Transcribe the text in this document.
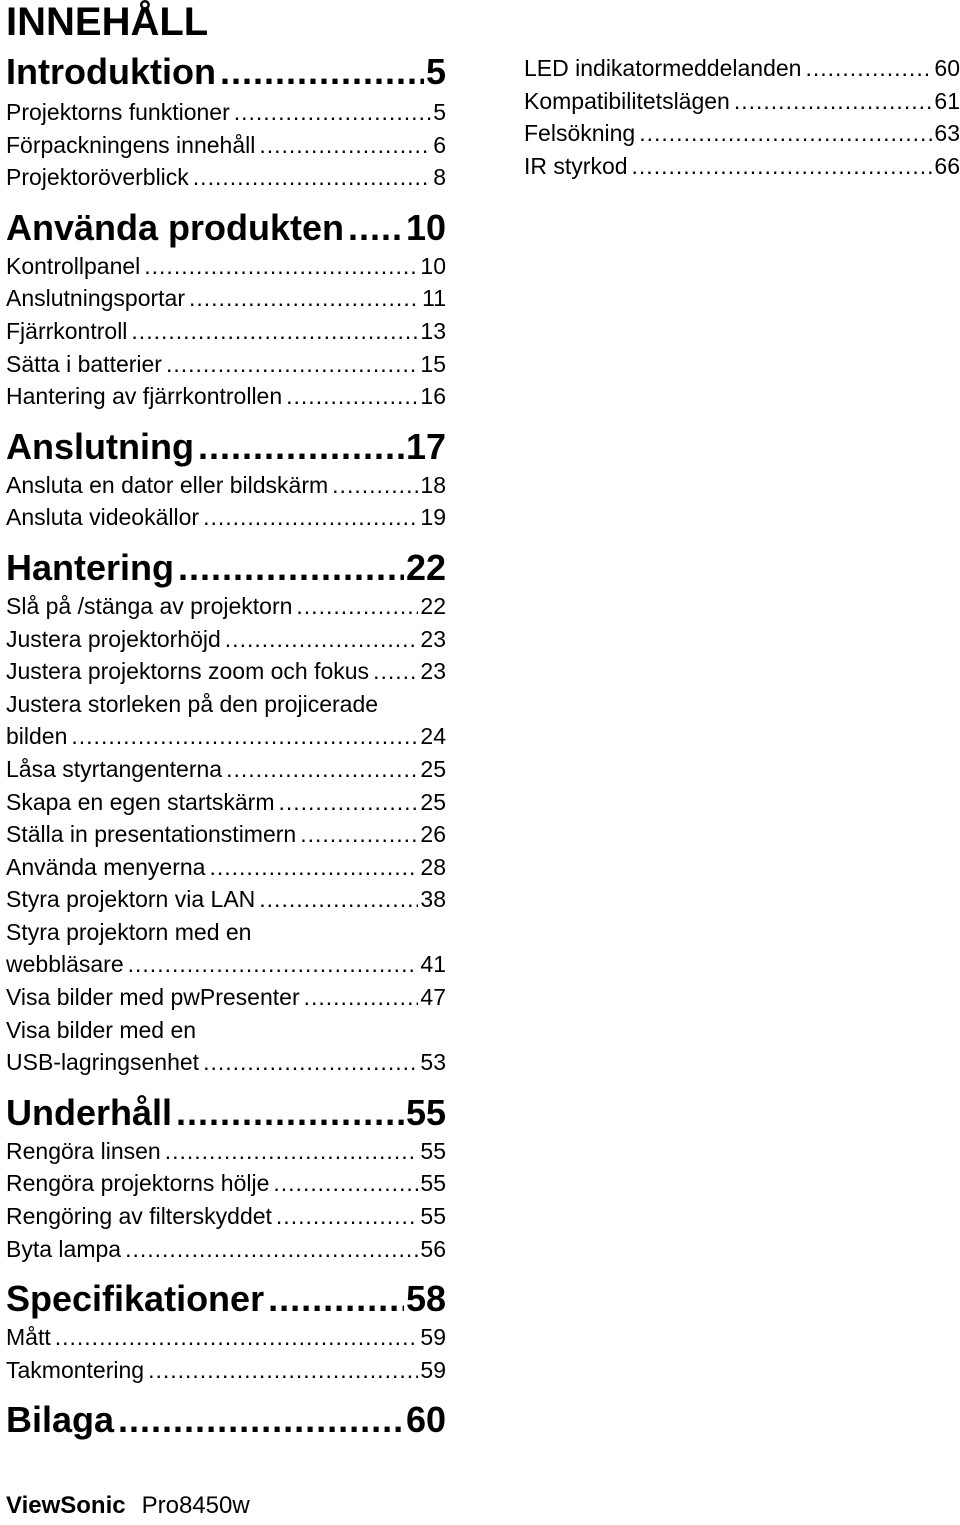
INNEHÅLL
Introduktion .....	5
Projektorns funktioner .....	5
Förpackningens innehåll .....	6
Projektoröverblick .....	8
Använda produkten ..... 10
Kontrollpanel .....	10
Anslutningsportar .....	11
Fjärrkontroll .....	13
Sätta i batterier .....	15
Hantering av fjärrkontrollen .....	16
Anslutning .....	17
Ansluta en dator eller bildskärm .....	18
Ansluta videokällor .....	19
Hantering .....	22
Slå på /stänga av projektorn .....	22
Justera projektorhöjd .....	23
Justera projektorns zoom och fokus ..... 23
Justera storleken på den projicerade
bilden .....	24
Låsa styrtangenterna .....	25
Skapa en egen startskärm .....	25
Ställa in presentationstimern .....	26
Använda menyerna .....	28
Styra projektorn via LAN .....	38
Styra projektorn med en
webbläsare .....	41
Visa bilder med pwPresenter .....	47
Visa bilder med en
USB-lagringsenhet .....	53
Underhåll .....	55
Rengöra linsen .....	55
Rengöra projektorns hölje .....	55
Rengöring av filterskyddet .....	55
Byta lampa .....	56
Specifikationer .....	58
Mått .....	59
Takmontering .....	59
Bilaga .....	60
LED indikatormeddelanden .....	60
Kompatibilitetslägen .....	61
Felsökning .....	63
IR styrkod .....	66
ViewSonic Pro8450w
